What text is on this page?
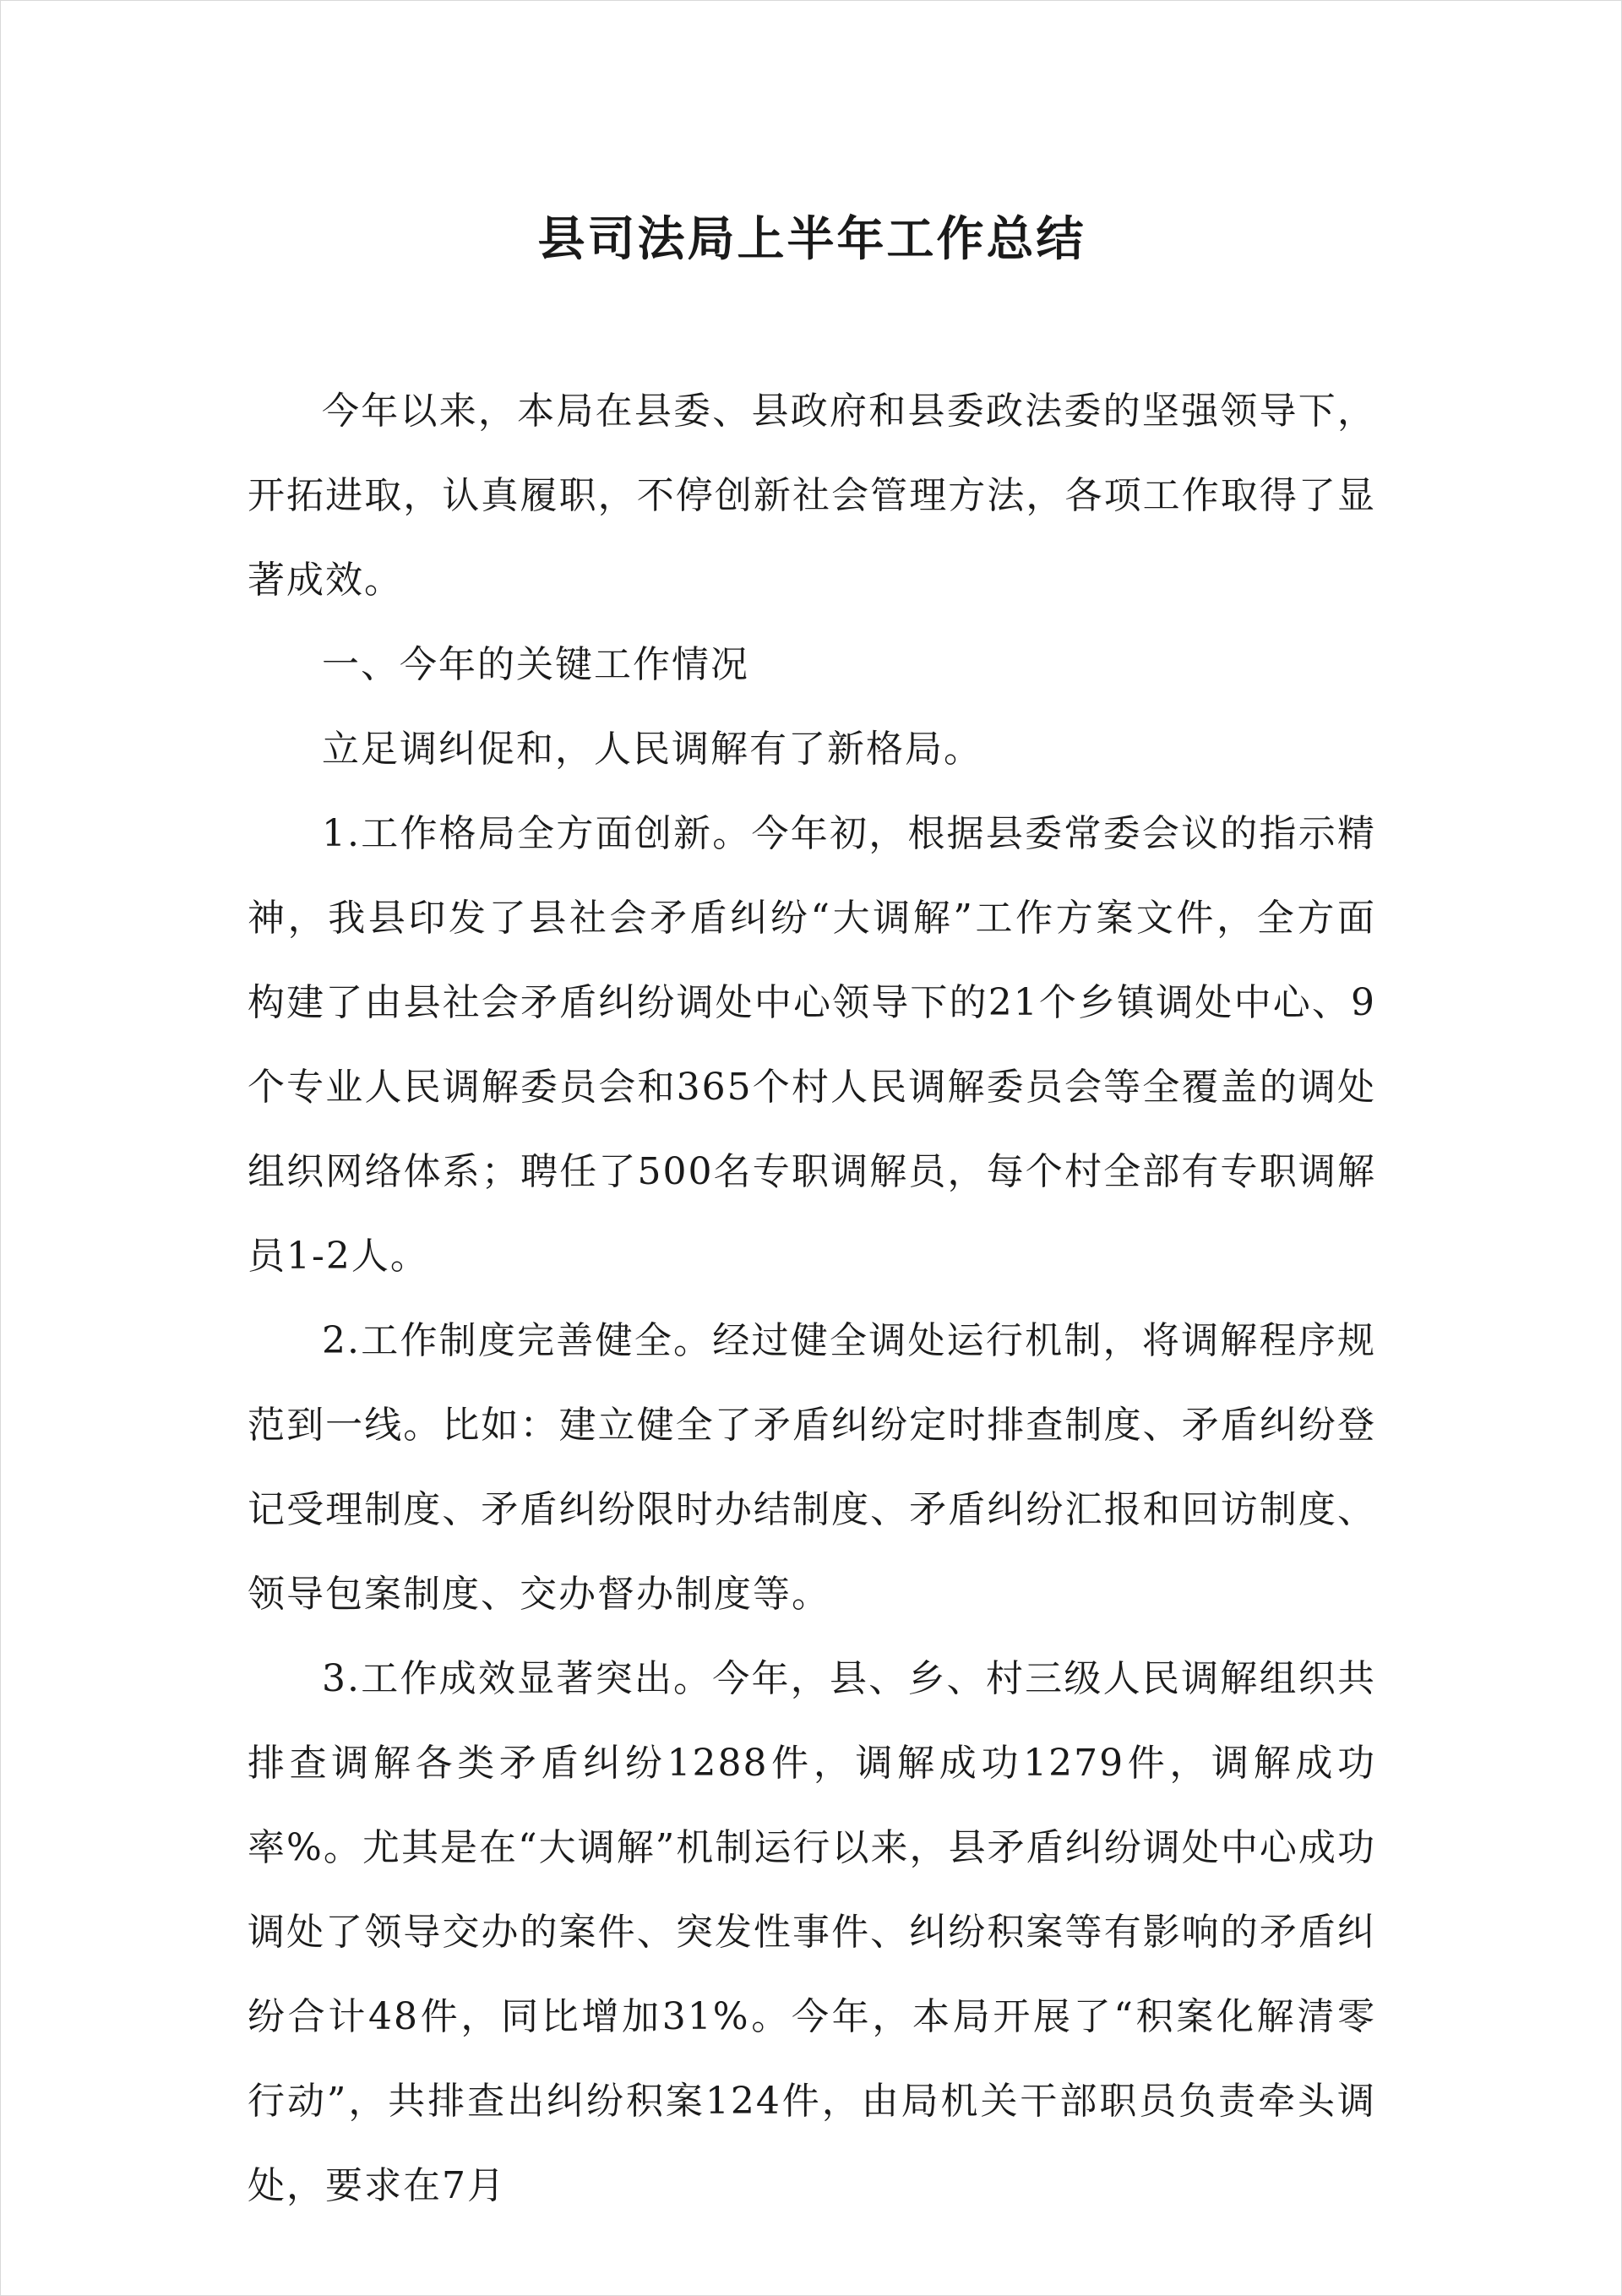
县司法局上半年工作总结

今年以来，本局在县委、县政府和县委政法委的坚强领导下，开拓进取，认真履职，不停创新社会管理方法，各项工作取得了显著成效。

一、今年的关键工作情况

立足调纠促和，人民调解有了新格局。

1.工作格局全方面创新。今年初，根据县委常委会议的指示精神，我县印发了县社会矛盾纠纷“大调解”工作方案文件，全方面构建了由县社会矛盾纠纷调处中心领导下的21个乡镇调处中心、9个专业人民调解委员会和365个村人民调解委员会等全覆盖的调处组织网络体系；聘任了500名专职调解员，每个村全部有专职调解员1-2人。

2.工作制度完善健全。经过健全调处运行机制，将调解程序规范到一线。比如：建立健全了矛盾纠纷定时排查制度、矛盾纠纷登记受理制度、矛盾纠纷限时办结制度、矛盾纠纷汇报和回访制度、领导包案制度、交办督办制度等。

3.工作成效显著突出。今年，县、乡、村三级人民调解组织共排查调解各类矛盾纠纷1288件，调解成功1279件，调解成功率%。尤其是在“大调解”机制运行以来，县矛盾纠纷调处中心成功调处了领导交办的案件、突发性事件、纠纷积案等有影响的矛盾纠纷合计48件，同比增加31%。今年，本局开展了“积案化解清零行动”，共排查出纠纷积案124件，由局机关干部职员负责牵头调处，要求在7月
